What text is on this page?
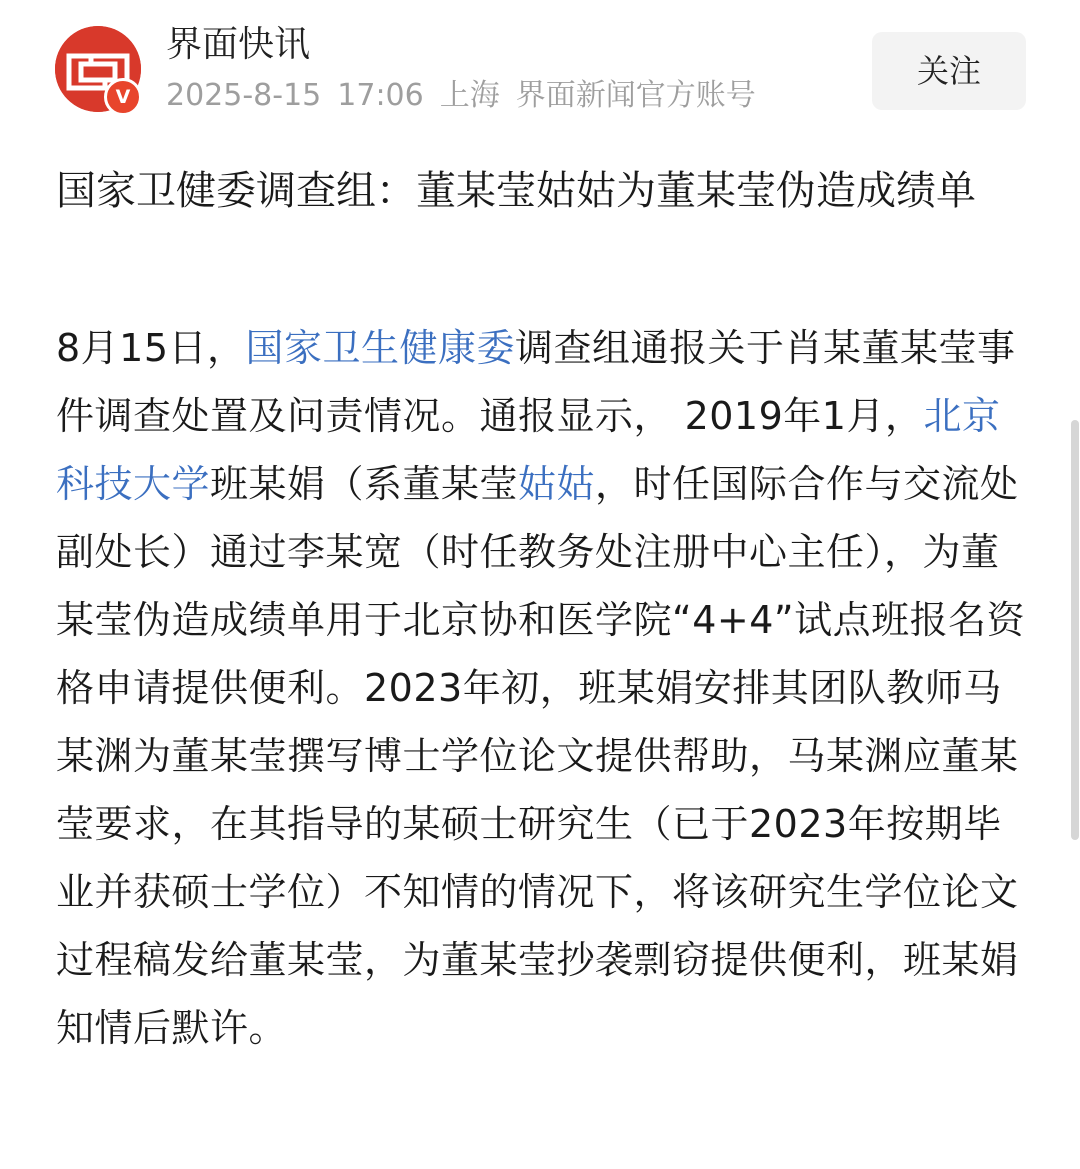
V
界面快讯
2025-8-15 17:06 上海 界面新闻官方账号
关注
国家卫健委调查组：董某莹姑姑为董某莹伪造成绩单

8月15日，国家卫生健康委调查组通报关于肖某董某莹事件调查处置及问责情况。通报显示， 2019年1月，北京科技大学班某娟（系董某莹姑姑，时任国际合作与交流处副处长）通过李某宽（时任教务处注册中心主任），为董某莹伪造成绩单用于北京协和医学院“4+4”试点班报名资格申请提供便利。2023年初，班某娟安排其团队教师马某渊为董某莹撰写博士学位论文提供帮助，马某渊应董某莹要求，在其指导的某硕士研究生（已于2023年按期毕业并获硕士学位）不知情的情况下，将该研究生学位论文过程稿发给董某莹，为董某莹抄袭剽窃提供便利，班某娟知情后默许。
